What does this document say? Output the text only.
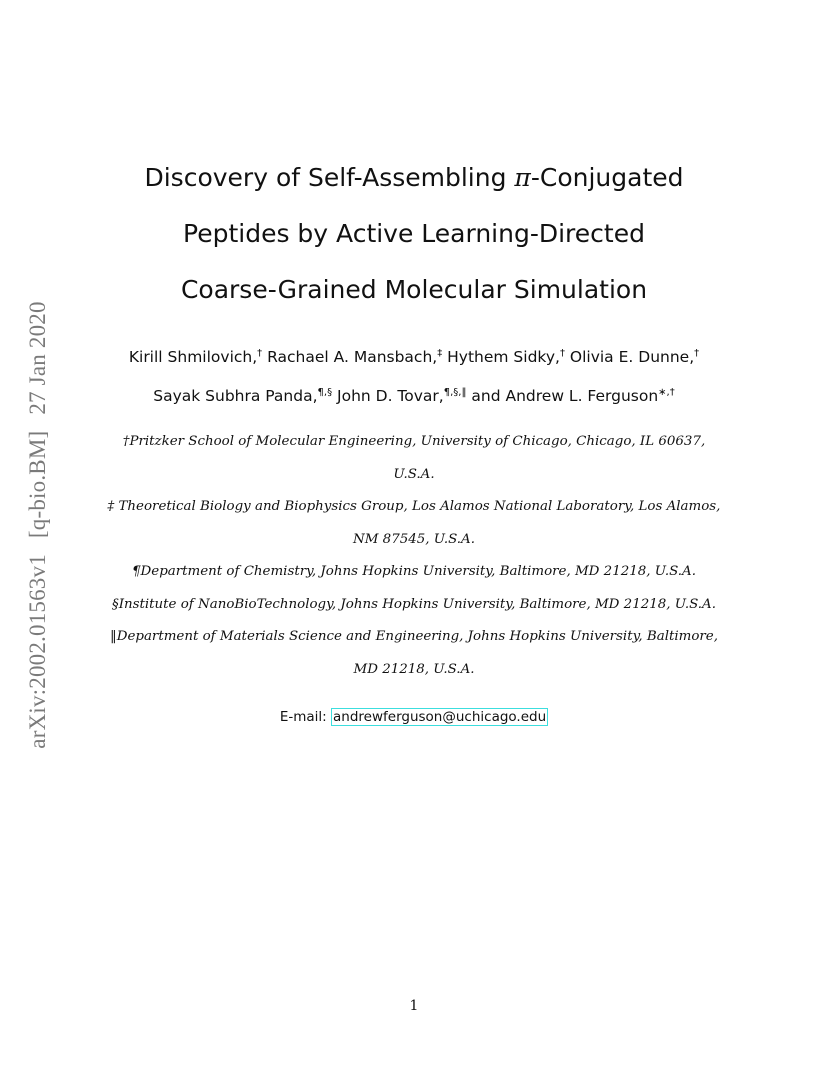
arXiv:2002.01563v1[q-bio.BM]27 Jan 2020
Discovery of Self-Assembling π-Conjugated
Peptides by Active Learning-Directed
Coarse-Grained Molecular Simulation
Kirill Shmilovich,† Rachael A. Mansbach,‡ Hythem Sidky,† Olivia E. Dunne,†
Sayak Subhra Panda,¶,§ John D. Tovar,¶,§,‖ and Andrew L. Ferguson∗,†
†Pritzker School of Molecular Engineering, University of Chicago, Chicago, IL 60637,
U.S.A.
‡ Theoretical Biology and Biophysics Group, Los Alamos National Laboratory, Los Alamos,
NM 87545, U.S.A.
¶Department of Chemistry, Johns Hopkins University, Baltimore, MD 21218, U.S.A.
§Institute of NanoBioTechnology, Johns Hopkins University, Baltimore, MD 21218, U.S.A.
‖Department of Materials Science and Engineering, Johns Hopkins University, Baltimore,
MD 21218, U.S.A.
E-mail: andrewferguson@uchicago.edu
1
